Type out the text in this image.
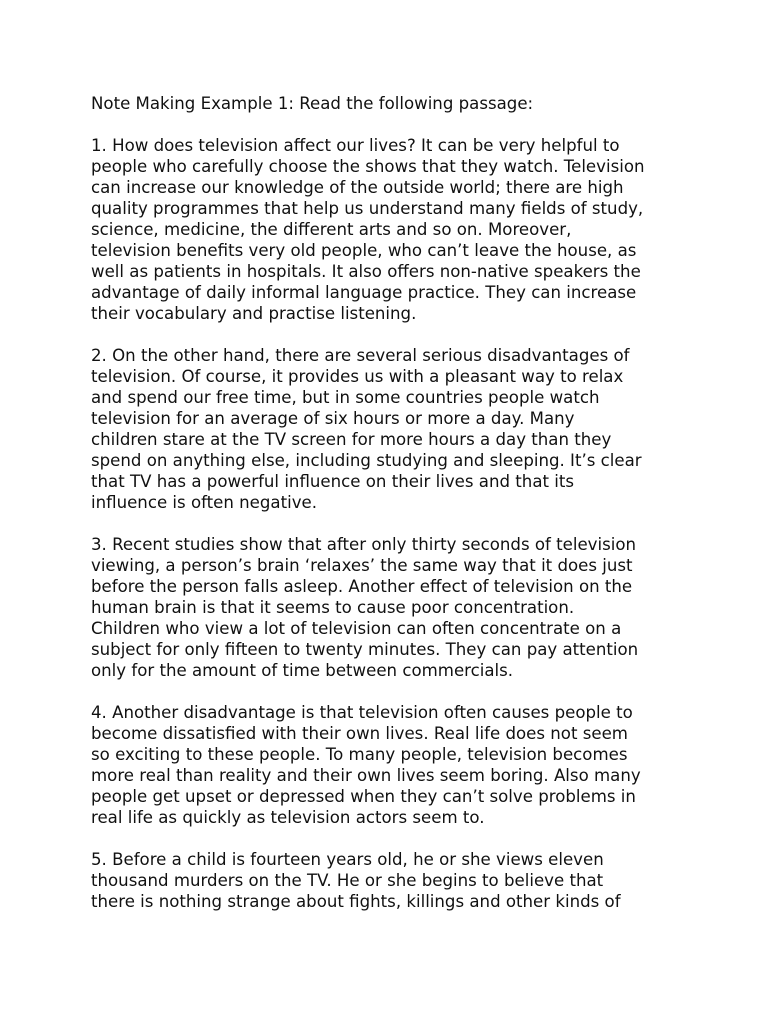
Note Making Example 1: Read the following passage:
1. How does television affect our lives? It can be very helpful to
people who carefully choose the shows that they watch. Television
can increase our knowledge of the outside world; there are high
quality programmes that help us understand many fields of study,
science, medicine, the different arts and so on. Moreover,
television benefits very old people, who can’t leave the house, as
well as patients in hospitals. It also offers non-native speakers the
advantage of daily informal language practice. They can increase
their vocabulary and practise listening.
2. On the other hand, there are several serious disadvantages of
television. Of course, it provides us with a pleasant way to relax
and spend our free time, but in some countries people watch
television for an average of six hours or more a day. Many
children stare at the TV screen for more hours a day than they
spend on anything else, including studying and sleeping. It’s clear
that TV has a powerful influence on their lives and that its
influence is often negative.
3. Recent studies show that after only thirty seconds of television
viewing, a person’s brain ‘relaxes’ the same way that it does just
before the person falls asleep. Another effect of television on the
human brain is that it seems to cause poor concentration.
Children who view a lot of television can often concentrate on a
subject for only fifteen to twenty minutes. They can pay attention
only for the amount of time between commercials.
4. Another disadvantage is that television often causes people to
become dissatisfied with their own lives. Real life does not seem
so exciting to these people. To many people, television becomes
more real than reality and their own lives seem boring. Also many
people get upset or depressed when they can’t solve problems in
real life as quickly as television actors seem to.
5. Before a child is fourteen years old, he or she views eleven
thousand murders on the TV. He or she begins to believe that
there is nothing strange about fights, killings and other kinds of
